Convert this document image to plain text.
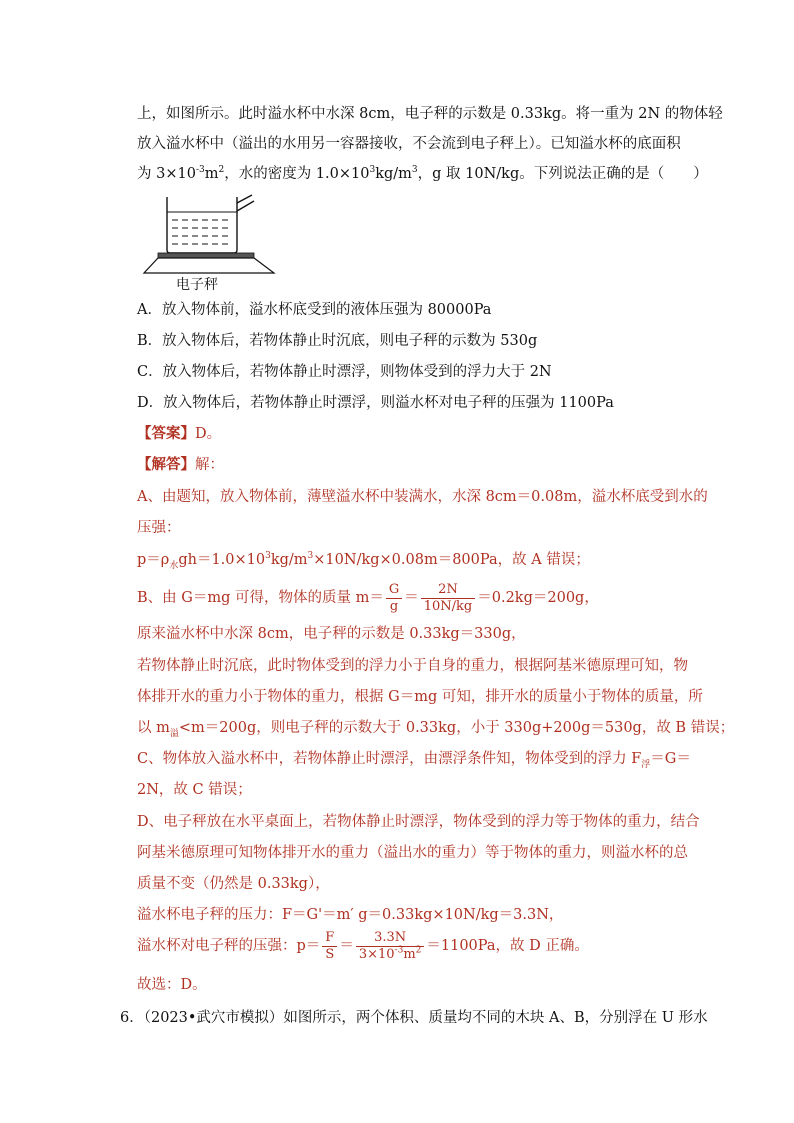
上，如图所示。此时溢水杯中水深 8cm，电子秤的示数是 0.33kg。将一重为 2N 的物体轻
放入溢水杯中（溢出的水用另一容器接收，不会流到电子秤上）。已知溢水杯的底面积
为 $3\times 10^{-3}m^2$，水的密度为 $1.0\times 10^3kg/m^3$，g 取 10N/kg。下列说法正确的是（　　）
电子秤
A．放入物体前，溢水杯底受到的液体压强为 80000Pa
B．放入物体后，若物体静止时沉底，则电子秤的示数为 530g
C．放入物体后，若物体静止时漂浮，则物体受到的浮力大于 2N
D．放入物体后，若物体静止时漂浮，则溢水杯对电子秤的压强为 1100Pa
【答案】D。
【解答】解：
A、由题知，放入物体前，薄壁溢水杯中装满水，水深 8cm＝0.08m，溢水杯底受到水的
压强：
$p=\rho_水gh=1.0\times 10^3kg/m^3\times 10N/kg\times 0.08m=800Pa$，故 A 错误；
B、由 G＝mg 可得，物体的质量 $m= \frac{G}{g} = \frac{2N}{10N/kg} =0.2kg=200g$，
原来溢水杯中水深 8cm，电子秤的示数是 0.33kg＝330g，
若物体静止时沉底，此时物体受到的浮力小于自身的重力，根据阿基米德原理可知，物
体排开水的重力小于物体的重力，根据 G＝mg 可知，排开水的质量小于物体的质量，所
以 $m_溢<m=200g$，则电子秤的示数大于 0.33kg，小于 330g+200g＝530g，故 B 错误；
C、物体放入溢水杯中，若物体静止时漂浮，由漂浮条件知，物体受到的浮力 $F_浮=G=$
2N，故 C 错误；
D、电子秤放在水平桌面上，若物体静止时漂浮，物体受到的浮力等于物体的重力，结合
阿基米德原理可知物体排开水的重力（溢出水的重力）等于物体的重力，则溢水杯的总
质量不变（仍然是 0.33kg），
溢水杯电子秤的压力：F＝G'＝m′ g＝0.33kg×10N/kg＝3.3N，
溢水杯对电子秤的压强：$p= \frac{F}{S} = \frac{3.3N}{3\times 10^{-3}m^2} =1100Pa$，故 D 正确。
故选：D。
6．（2023•武穴市模拟）如图所示，两个体积、质量均不同的木块 A、B，分别浮在 U 形水
